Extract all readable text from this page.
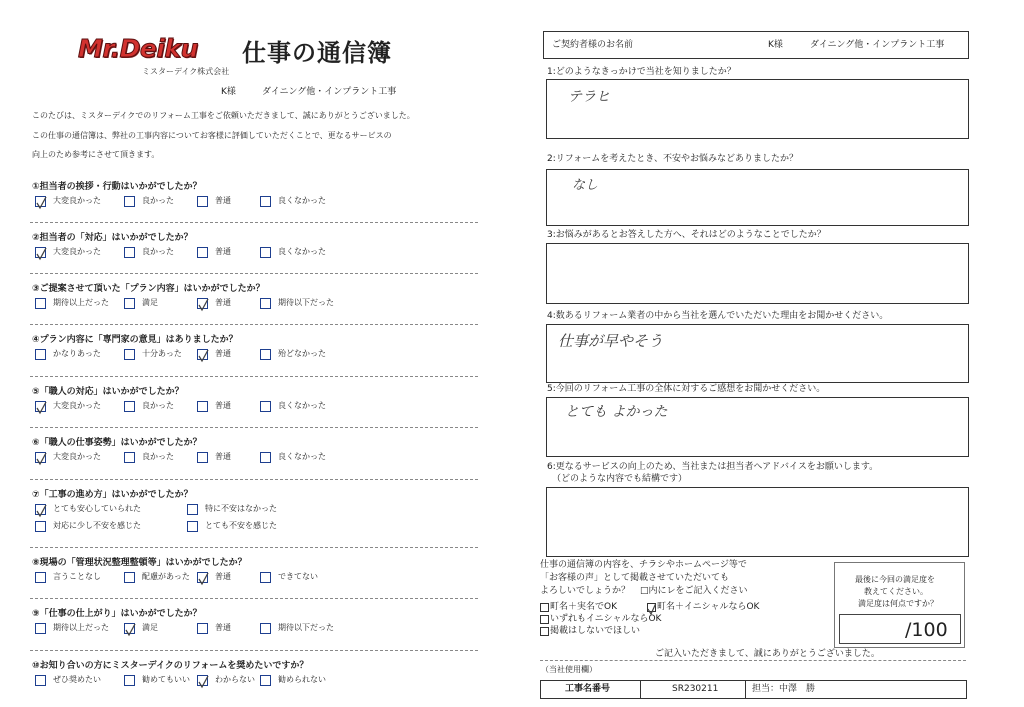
Mr.Deiku 仕事の通信簿
ミスターデイク株式会社
K様	ダイニング他・インプラント工事
このたびは、ミスターデイクでのリフォーム工事をご依頼いただきまして、誠にありがとうございました。
この仕事の通信簿は、弊社の工事内容についてお客様に評価していただくことで、更なるサービスの
向上のため参考にさせて頂きます。
①担当者の挨拶・行動はいかがでしたか？
大変良かった	良かった	普通	良くなかった
②担当者の「対応」はいかがでしたか？
大変良かった	良かった	普通	良くなかった
③ご提案させて頂いた「プラン内容」はいかがでしたか？
期待以上だった	満足	普通	期待以下だった
④プラン内容に「専門家の意見」はありましたか？
かなりあった	十分あった	普通	殆どなかった
⑤「職人の対応」はいかがでしたか？
大変良かった	良かった	普通	良くなかった
⑥「職人の仕事姿勢」はいかがでしたか？
大変良かった	良かった	普通	良くなかった
⑦「工事の進め方」はいかがでしたか？
とても安心していられた	特に不安はなかった
対応に少し不安を感じた	とても不安を感じた
⑧現場の「管理状況整理整頓等」はいかがでしたか？
言うことなし	配慮があった	普通	できてない
⑨「仕事の仕上がり」はいかがでしたか？
期待以上だった	満足	普通	期待以下だった
⑩お知り合いの方にミスターデイクのリフォームを奨めたいですか？
ぜひ奨めたい	勧めてもいい	わからない	勧められない
ご契約者様のお名前	K様	ダイニング他・インプラント工事
1:どのようなきっかけで当社を知りましたか？
テラヒ
2:リフォームを考えたとき、不安やお悩みなどありましたか？
なし
3:お悩みがあるとお答えした方へ、それはどのようなことでしたか？
4:数あるリフォーム業者の中から当社を選んでいただいた理由をお聞かせください。
仕事が早やそう
5:今回のリフォーム工事の全体に対するご感想をお聞かせください。
とても よかった
6:更なるサービスの向上のため、当社または担当者へアドバイスをお願いします。
（どのような内容でも結構です）
仕事の通信簿の内容を、チラシやホームページ等で
「お客様の声」として掲載させていただいても
よろしいでしょうか？ □内にレをご記入ください
町名＋実名でOK	町名＋イニシャルならOK
いずれもイニシャルならOK
掲載はしないでほしい
最後に今回の満足度を
教えてください。
満足度は何点ですか？
/100
ご記入いただきまして、誠にありがとうございました。
（当社使用欄）
工事名番号	SR230211	担当：中澤　勝
